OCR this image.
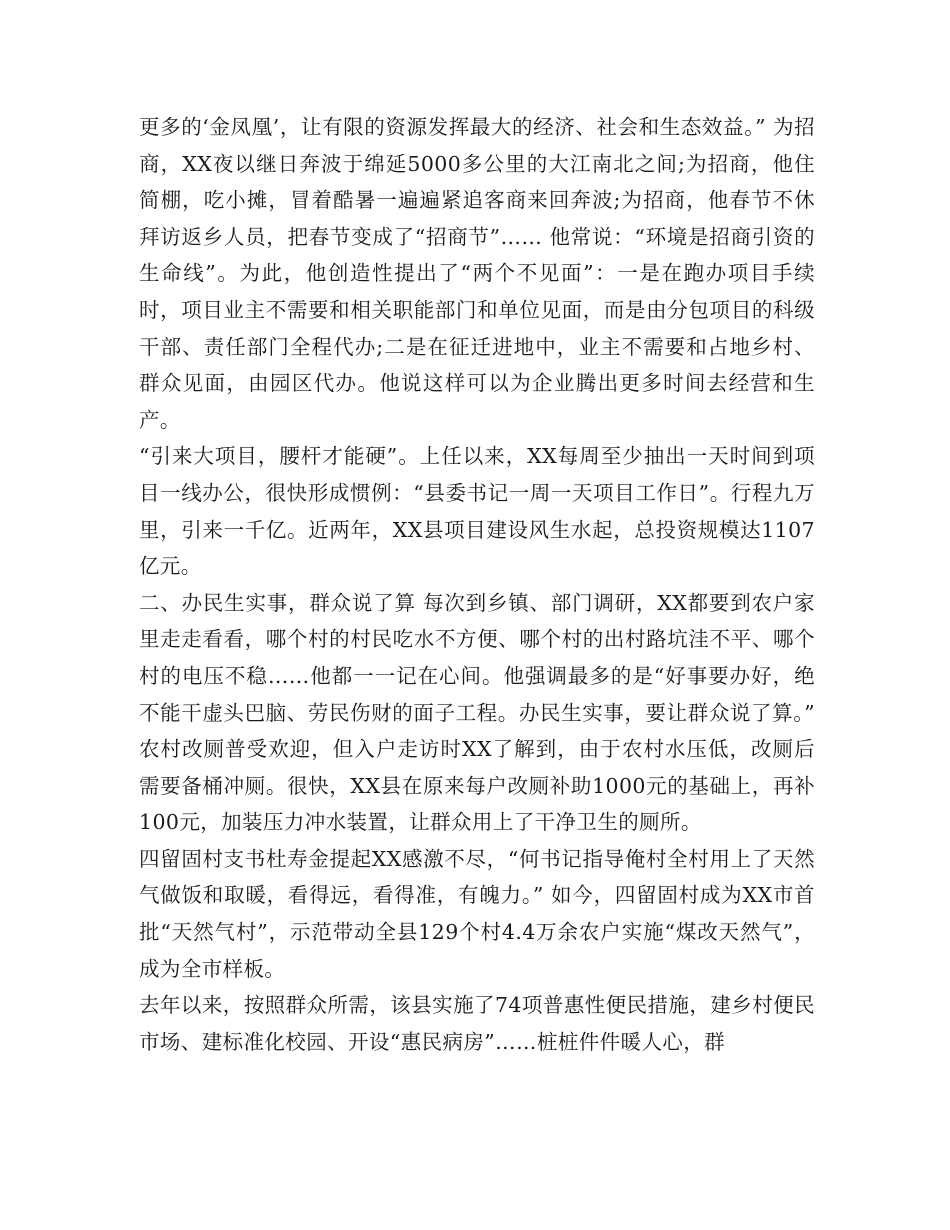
更多的‘金凤凰’，让有限的资源发挥最大的经济、社会和生态效益。” 为招商，XX夜以继日奔波于绵延5000多公里的大江南北之间;为招商，他住简棚，吃小摊，冒着酷暑一遍遍紧追客商来回奔波;为招商，他春节不休拜访返乡人员，把春节变成了“招商节”…… 他常说：“环境是招商引资的生命线”。为此，他创造性提出了“两个不见面”：一是在跑办项目手续时，项目业主不需要和相关职能部门和单位见面，而是由分包项目的科级干部、责任部门全程代办;二是在征迁进地中，业主不需要和占地乡村、群众见面，由园区代办。他说这样可以为企业腾出更多时间去经营和生产。

“引来大项目，腰杆才能硬”。上任以来，XX每周至少抽出一天时间到项目一线办公，很快形成惯例：“县委书记一周一天项目工作日”。行程九万里，引来一千亿。近两年，XX县项目建设风生水起，总投资规模达1107亿元。

二、办民生实事，群众说了算 每次到乡镇、部门调研，XX都要到农户家里走走看看，哪个村的村民吃水不方便、哪个村的出村路坑洼不平、哪个村的电压不稳……他都一一记在心间。他强调最多的是“好事要办好，绝不能干虚头巴脑、劳民伤财的面子工程。办民生实事，要让群众说了算。” 农村改厕普受欢迎，但入户走访时XX了解到，由于农村水压低，改厕后需要备桶冲厕。很快，XX县在原来每户改厕补助1000元的基础上，再补100元，加装压力冲水装置，让群众用上了干净卫生的厕所。

四留固村支书杜寿金提起XX感激不尽，“何书记指导俺村全村用上了天然气做饭和取暖，看得远，看得准，有魄力。” 如今，四留固村成为XX市首批“天然气村”，示范带动全县129个村4.4万余农户实施“煤改天然气”，成为全市样板。

去年以来，按照群众所需，该县实施了74项普惠性便民措施，建乡村便民市场、建标准化校园、开设“惠民病房”……桩桩件件暖人心，群
